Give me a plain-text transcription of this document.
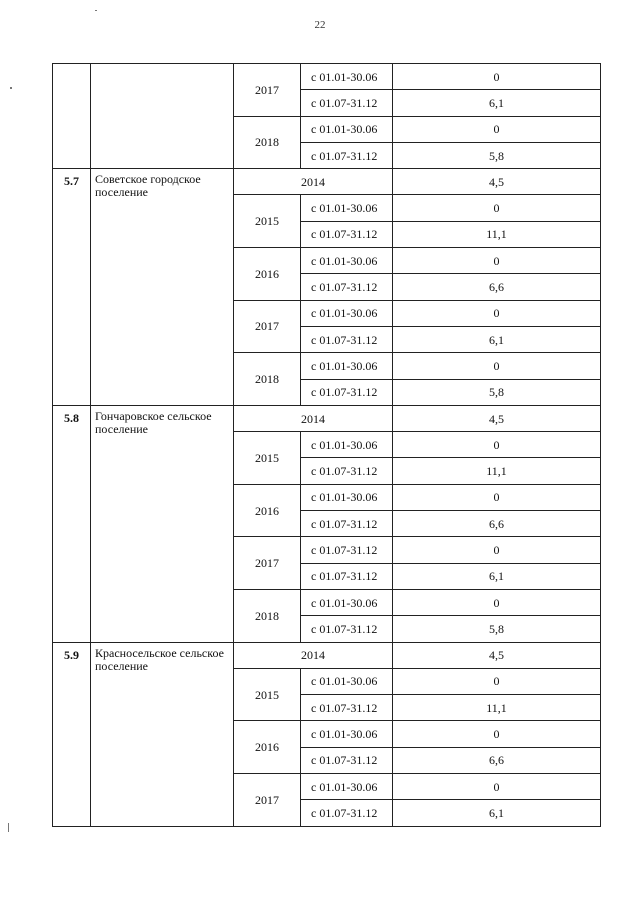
22
		2017	с 01.01-30.06	0
			с 01.07-31.12	6,1
		2018	с 01.01-30.06	0
			с 01.07-31.12	5,8
5.7	Советское городское поселение	2014		4,5
		2015	с 01.01-30.06	0
			с 01.07-31.12	11,1
		2016	с 01.01-30.06	0
			с 01.07-31.12	6,6
		2017	с 01.01-30.06	0
			с 01.07-31.12	6,1
		2018	с 01.01-30.06	0
			с 01.07-31.12	5,8
5.8	Гончаровское сельское поселение	2014		4,5
		2015	с 01.01-30.06	0
			с 01.07-31.12	11,1
		2016	с 01.01-30.06	0
			с 01.07-31.12	6,6
		2017	с 01.07-31.12	0
			с 01.07-31.12	6,1
		2018	с 01.01-30.06	0
			с 01.07-31.12	5,8
5.9	Красносельское сельское поселение	2014		4,5
		2015	с 01.01-30.06	0
			с 01.07-31.12	11,1
		2016	с 01.01-30.06	0
			с 01.07-31.12	6,6
		2017	с 01.01-30.06	0
			с 01.07-31.12	6,1
